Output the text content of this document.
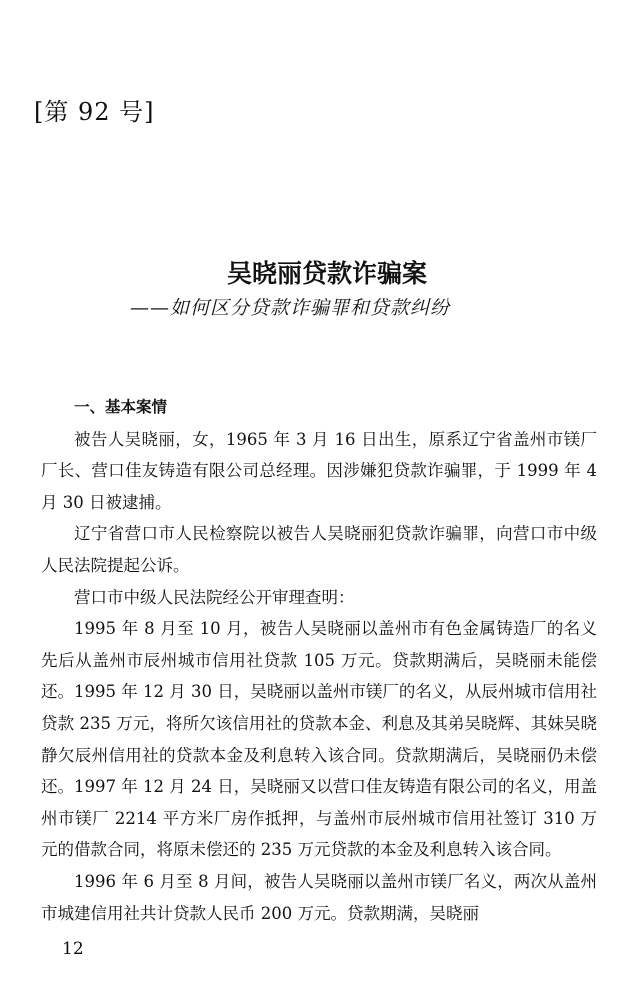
[第 92 号]
吴晓丽贷款诈骗案
——如何区分贷款诈骗罪和贷款纠纷

一、基本案情

被告人吴晓丽，女，1965 年 3 月 16 日出生，原系辽宁省盖州市镁厂厂长、营口佳友铸造有限公司总经理。因涉嫌犯贷款诈骗罪，于 1999 年 4 月 30 日被逮捕。

辽宁省营口市人民检察院以被告人吴晓丽犯贷款诈骗罪，向营口市中级人民法院提起公诉。

营口市中级人民法院经公开审理查明：

1995 年 8 月至 10 月，被告人吴晓丽以盖州市有色金属铸造厂的名义先后从盖州市辰州城市信用社贷款 105 万元。贷款期满后，吴晓丽未能偿还。1995 年 12 月 30 日，吴晓丽以盖州市镁厂的名义，从辰州城市信用社贷款 235 万元，将所欠该信用社的贷款本金、利息及其弟吴晓辉、其妹吴晓静欠辰州信用社的贷款本金及利息转入该合同。贷款期满后，吴晓丽仍未偿还。1997 年 12 月 24 日，吴晓丽又以营口佳友铸造有限公司的名义，用盖州市镁厂 2214 平方米厂房作抵押，与盖州市辰州城市信用社签订 310 万元的借款合同，将原未偿还的 235 万元贷款的本金及利息转入该合同。

1996 年 6 月至 8 月间，被告人吴晓丽以盖州市镁厂名义，两次从盖州市城建信用社共计贷款人民币 200 万元。贷款期满，吴晓丽

12
